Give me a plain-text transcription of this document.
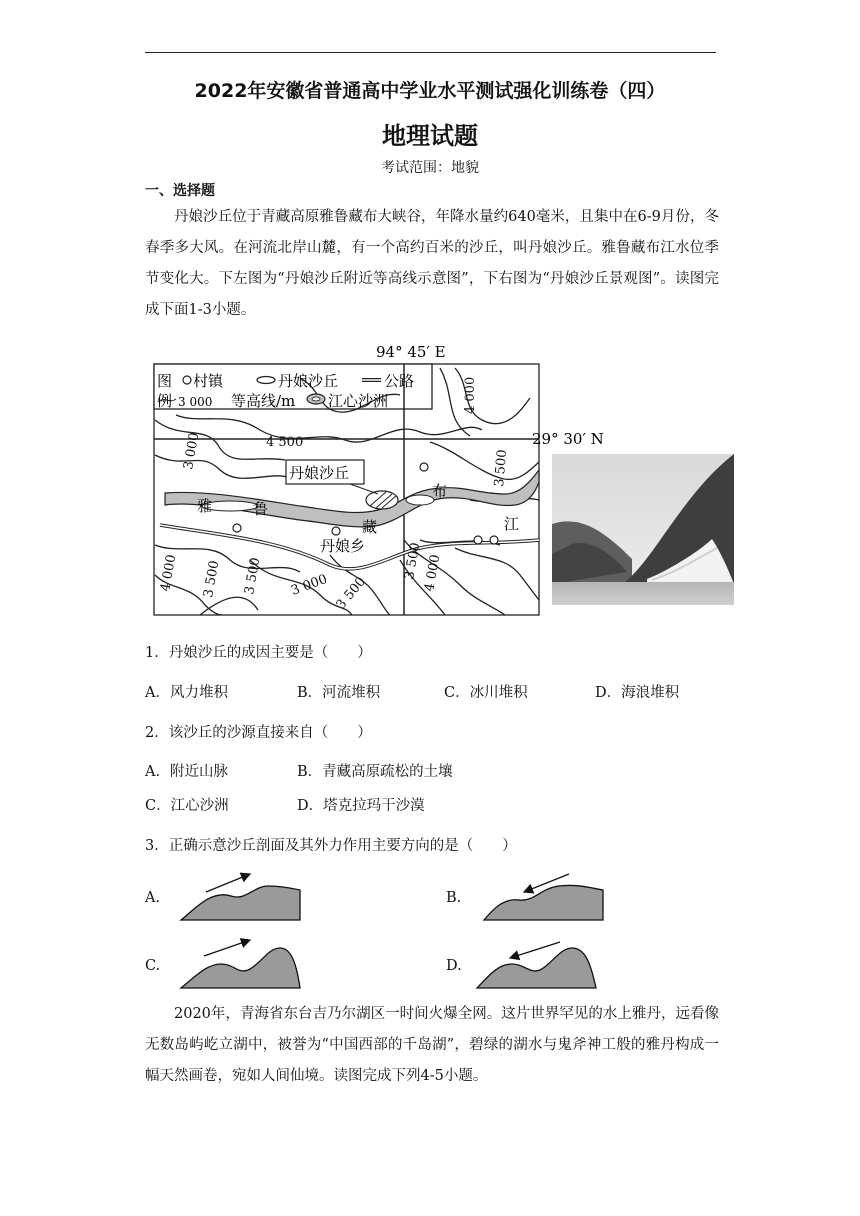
2022年安徽省普通高中学业水平测试强化训练卷（四）
地理试题
考试范围：地貌
一、选择题

丹娘沙丘位于青藏高原雅鲁藏布大峡谷，年降水量约640毫米，且集中在6-9月份，冬春季多大风。在河流北岸山麓，有一个高约百米的沙丘，叫丹娘沙丘。雅鲁藏布江水位季节变化大。下左图为“丹娘沙丘附近等高线示意图”，下右图为“丹娘沙丘景观图”。读图完成下面1-3小题。

94° 45′ E
29° 30′ N
图
例
村镇	丹娘沙丘	公路
3 000 等高线/m 江心沙洲
丹娘沙丘
雅	鲁
藏
布
江
丹娘乡
4 500
3 000
4 000
3 500
4 000 3 500 3 500 3 000 3 500
3 500
4 000
1．丹娘沙丘的成因主要是（　　）
A．风力堆积	B．河流堆积	C．冰川堆积	D．海浪堆积
2．该沙丘的沙源直接来自（　　）
A．附近山脉	B．青藏高原疏松的土壤
C．江心沙洲	D．塔克拉玛干沙漠
3．正确示意沙丘剖面及其外力作用主要方向的是（　　）
A.	B.
C.	D.

2020年，青海省东台吉乃尔湖区一时间火爆全网。这片世界罕见的水上雅丹，远看像无数岛屿屹立湖中，被誉为“中国西部的千岛湖”，碧绿的湖水与鬼斧神工般的雅丹构成一幅天然画卷，宛如人间仙境。读图完成下列4-5小题。
